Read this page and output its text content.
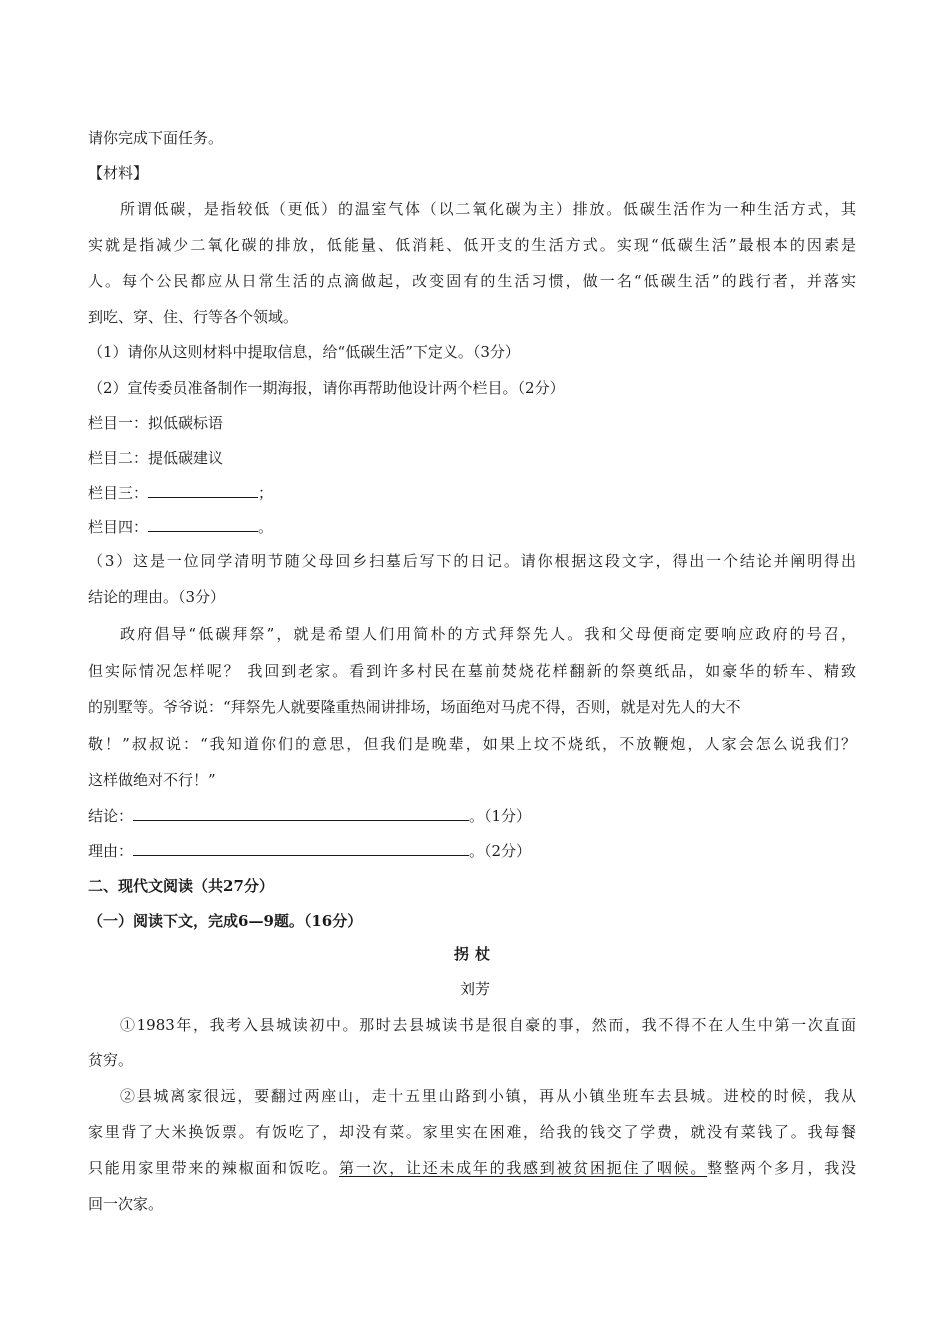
请你完成下面任务。
【材料】
所谓低碳，是指较低（更低）的温室气体（以二氧化碳为主）排放。低碳生活作为一种生活方式，其
实就是指减少二氧化碳的排放，低能量、低消耗、低开支的生活方式。实现“低碳生活”最根本的因素是
人。每个公民都应从日常生活的点滴做起，改变固有的生活习惯，做一名“低碳生活”的践行者，并落实
到吃、穿、住、行等各个领域。
（1）请你从这则材料中提取信息，给“低碳生活”下定义。（3分）
（2）宣传委员准备制作一期海报，请你再帮助他设计两个栏目。（2分）
栏目一：拟低碳标语
栏目二：提低碳建议
栏目三：	；
栏目四：	。
（3）这是一位同学清明节随父母回乡扫墓后写下的日记。请你根据这段文字，得出一个结论并阐明得出
结论的理由。（3分）
政府倡导“低碳拜祭”，就是希望人们用简朴的方式拜祭先人。我和父母便商定要响应政府的号召，
但实际情况怎样呢？ 我回到老家。看到许多村民在墓前焚烧花样翻新的祭奠纸品，如豪华的轿车、精致
的别墅等。爷爷说：“拜祭先人就要隆重热闹讲排场，场面绝对马虎不得，否则，就是对先人的大不
敬！”叔叔说：“我知道你们的意思，但我们是晚辈，如果上坟不烧纸，不放鞭炮，人家会怎么说我们？
这样做绝对不行！”
结论：	。（1分）
理由：	。（2分）
二、现代文阅读（共27分）
（一）阅读下文，完成6—9题。（16分）
拐杖
刘芳
①1983年，我考入县城读初中。那时去县城读书是很自豪的事，然而，我不得不在人生中第一次直面
贫穷。
②县城离家很远，要翻过两座山，走十五里山路到小镇，再从小镇坐班车去县城。进校的时候，我从
家里背了大米换饭票。有饭吃了，却没有菜。家里实在困难，给我的钱交了学费，就没有菜钱了。我每餐
只能用家里带来的辣椒面和饭吃。第一次，让还未成年的我感到被贫困扼住了咽候。整整两个多月，我没
回一次家。
